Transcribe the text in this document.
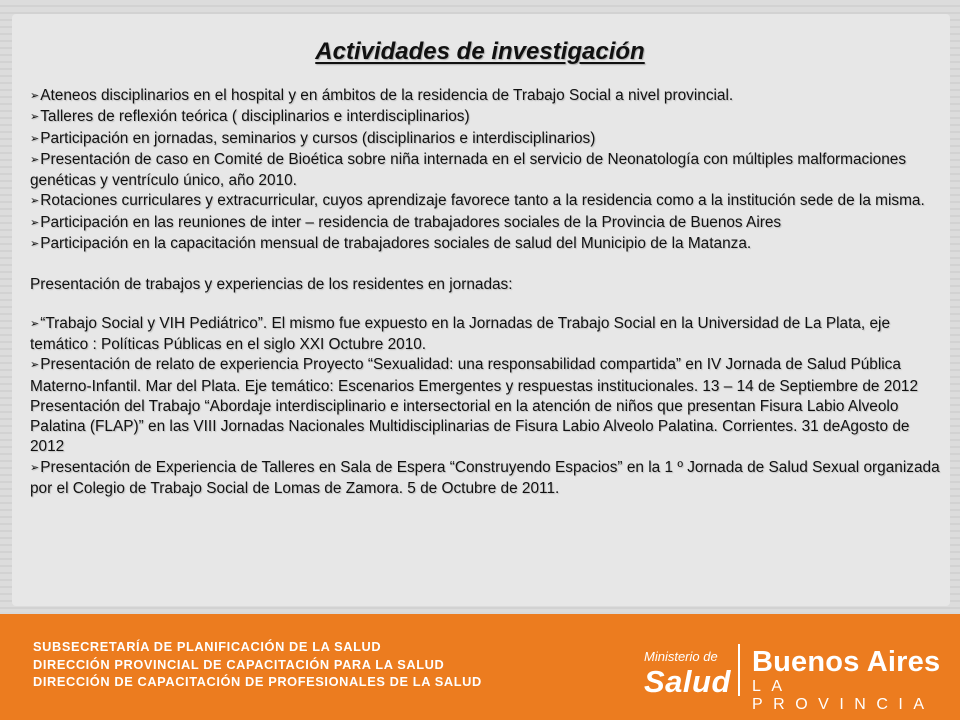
Actividades de investigación

➢Ateneos disciplinarios en el hospital y en ámbitos de la residencia de Trabajo Social a nivel provincial.

➢Talleres de reflexión teórica ( disciplinarios e interdisciplinarios)

➢Participación en jornadas, seminarios y cursos (disciplinarios e interdisciplinarios)

➢Presentación de caso en Comité de Bioética sobre niña internada en el servicio de Neonatología con múltiples malformaciones genéticas y ventrículo único, año 2010.

➢Rotaciones curriculares y extracurricular, cuyos aprendizaje favorece tanto a la residencia como a la institución sede de la misma.

➢Participación en las reuniones de inter – residencia de trabajadores sociales de la Provincia de Buenos Aires

➢Participación en la capacitación mensual de trabajadores sociales de salud del Municipio de la Matanza.

Presentación de trabajos y experiencias de los residentes en jornadas:

➢“Trabajo Social y VIH Pediátrico”. El mismo fue expuesto en la Jornadas de Trabajo Social en la Universidad de La Plata, eje temático : Políticas Públicas en el siglo XXI Octubre 2010.

➢Presentación de relato de experiencia Proyecto “Sexualidad: una responsabilidad compartida” en IV Jornada de Salud Pública Materno-Infantil. Mar del Plata. Eje temático: Escenarios Emergentes y respuestas institucionales. 13 – 14 de Septiembre de 2012

Presentación del Trabajo “Abordaje interdisciplinario e intersectorial en la atención de niños que presentan Fisura Labio Alveolo Palatina (FLAP)” en las VIII Jornadas Nacionales Multidisciplinarias de Fisura Labio Alveolo Palatina. Corrientes. 31 deAgosto de 2012

➢Presentación de Experiencia de Talleres en Sala de Espera “Construyendo Espacios” en la 1 º Jornada de Salud Sexual organizada por el Colegio de Trabajo Social de Lomas de Zamora. 5 de Octubre de 2011.

SUBSECRETARÍA DE PLANIFICACIÓN DE LA SALUD
DIRECCIÓN PROVINCIAL DE CAPACITACIÓN PARA LA SALUD
DIRECCIÓN DE CAPACITACIÓN DE PROFESIONALES DE LA SALUD
Ministerio de
Salud
Buenos Aires
LA PROVINCIA
